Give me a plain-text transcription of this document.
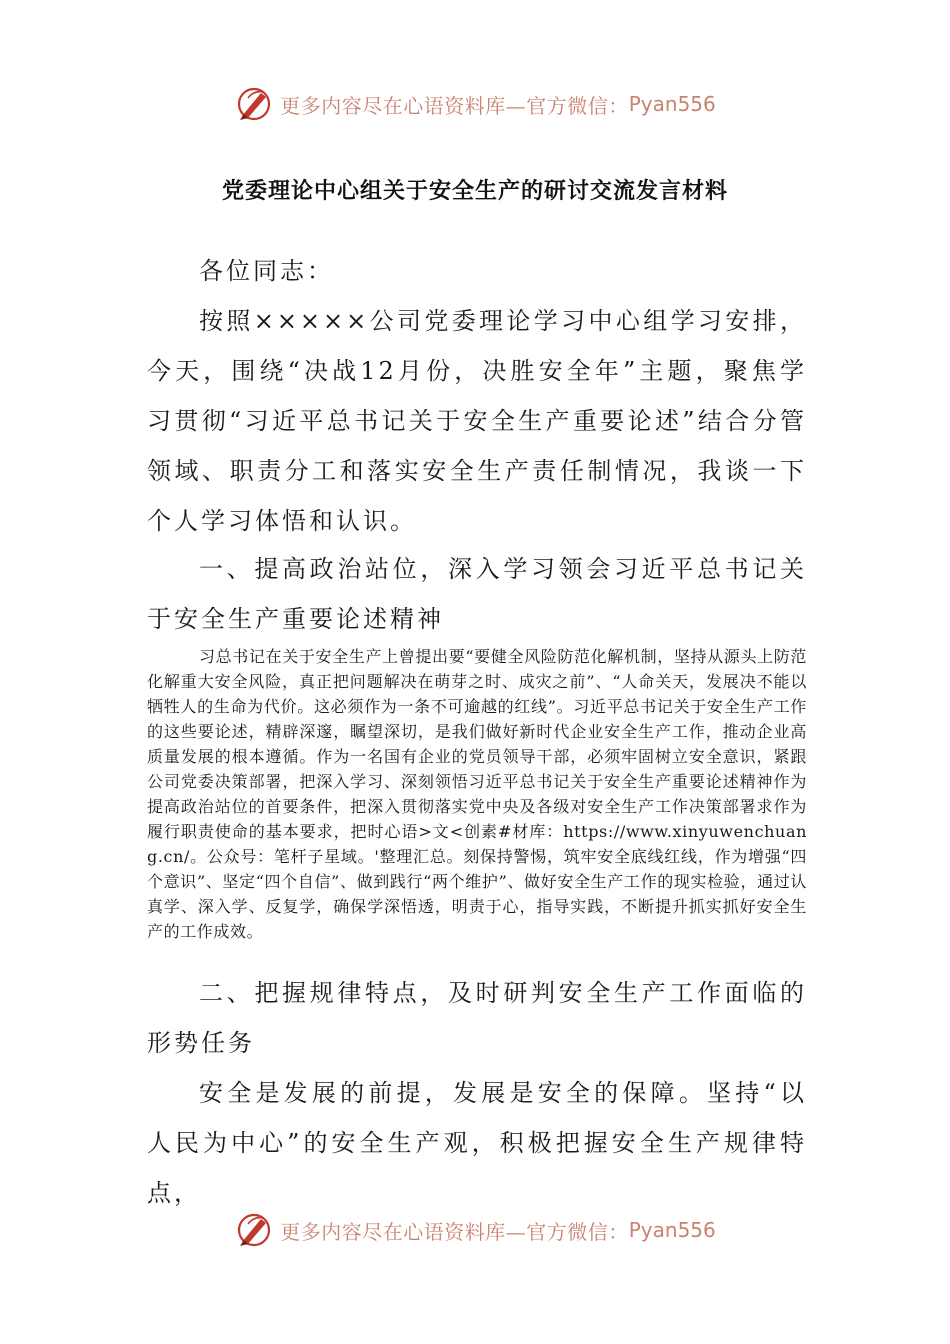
更多内容尽在心语资料库—官方微信： Pyan556
党委理论中心组关于安全生产的研讨交流发言材料

各位同志：

按照×××××公司党委理论学习中心组学习安排，今天，围绕“决战12月份，决胜安全年”主题，聚焦学习贯彻“习近平总书记关于安全生产重要论述”结合分管领域、职责分工和落实安全生产责任制情况，我谈一下个人学习体悟和认识。

一、提高政治站位，深入学习领会习近平总书记关于安全生产重要论述精神

习总书记在关于安全生产上曾提出要“要健全风险防范化解机制，坚持从源头上防范化解重大安全风险，真正把问题解决在萌芽之时、成灾之前”、“人命关天，发展决不能以牺牲人的生命为代价。这必须作为一条不可逾越的红线”。习近平总书记关于安全生产工作的这些要论述，精辟深邃，瞩望深切，是我们做好新时代企业安全生产工作，推动企业高质量发展的根本遵循。作为一名国有企业的党员领导干部，必须牢固树立安全意识，紧跟公司党委决策部署，把深入学习、深刻领悟习近平总书记关于安全生产重要论述精神作为提高政治站位的首要条件，把深入贯彻落实党中央及各级对安全生产工作决策部署求作为履行职责使命的基本要求，把时心语>文<创素#材库：https://www.xinyuwenchuang.cn/。公众号：笔杆子星域。'整理汇总。刻保持警惕，筑牢安全底线红线，作为增强“四个意识”、坚定“四个自信”、做到践行“两个维护”、做好安全生产工作的现实检验，通过认真学、深入学、反复学，确保学深悟透，明责于心，指导实践，不断提升抓实抓好安全生产的工作成效。

二、把握规律特点，及时研判安全生产工作面临的形势任务

安全是发展的前提，发展是安全的保障。坚持“以人民为中心”的安全生产观，积极把握安全生产规律特点，

更多内容尽在心语资料库—官方微信： Pyan556
